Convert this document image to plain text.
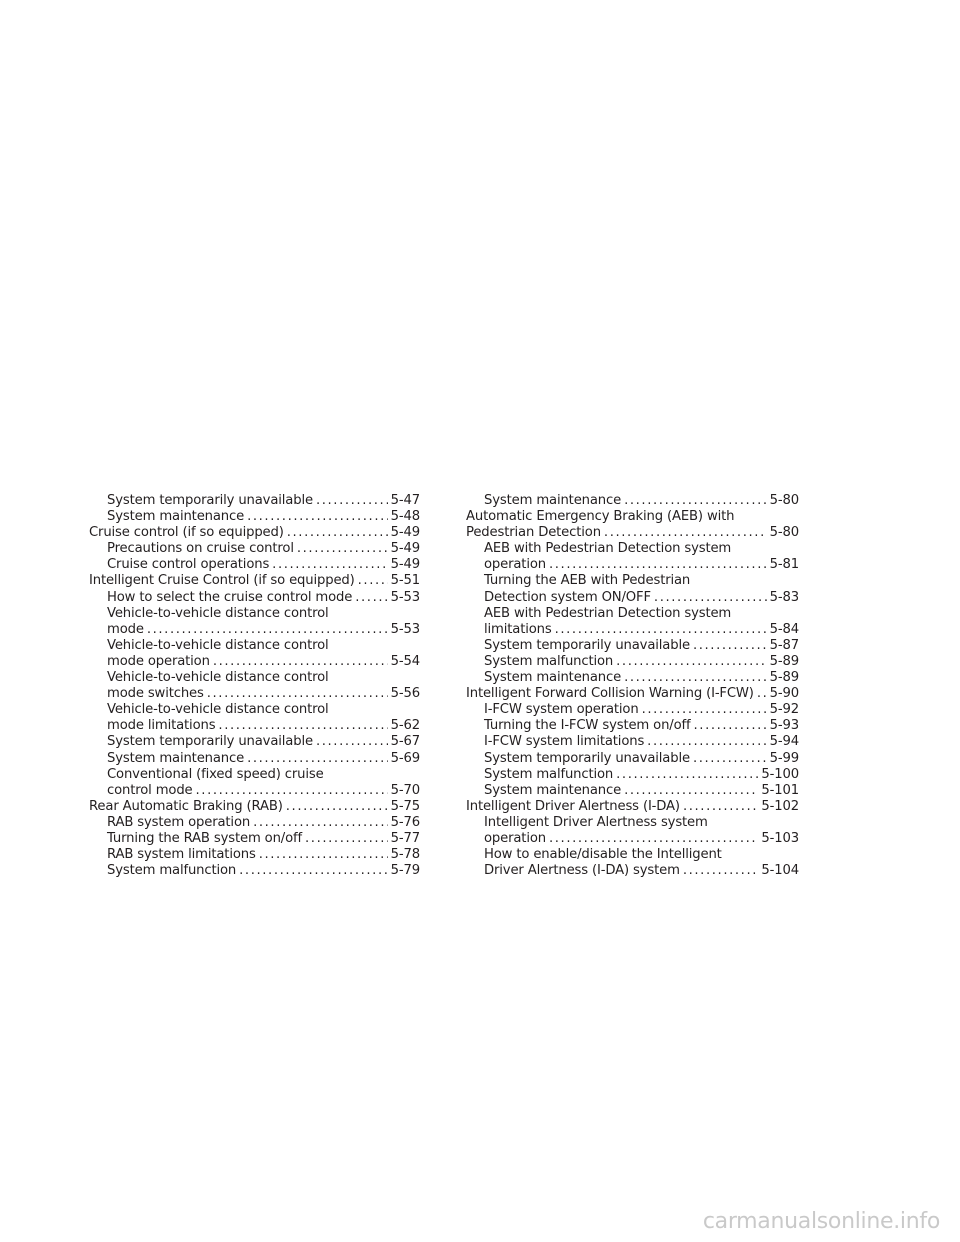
System temporarily unavailable . . .	5-47
System maintenance . . .	5-48
Cruise control (if so equipped) . . .	5-49
Precautions on cruise control . . .	5-49
Cruise control operations . . .	5-49
Intelligent Cruise Control (if so equipped) . . .	5-51
How to select the cruise control mode . . .	5-53
Vehicle-to-vehicle distance control
mode . . .	5-53
Vehicle-to-vehicle distance control
mode operation . . .	5-54
Vehicle-to-vehicle distance control
mode switches . . .	5-56
Vehicle-to-vehicle distance control
mode limitations . . .	5-62
System temporarily unavailable . . .	5-67
System maintenance . . .	5-69
Conventional (fixed speed) cruise
control mode . . .	5-70
Rear Automatic Braking (RAB) . . .	5-75
RAB system operation . . .	5-76
Turning the RAB system on/off . . .	5-77
RAB system limitations . . .	5-78
System malfunction . . .	5-79
System maintenance . . .	5-80
Automatic Emergency Braking (AEB) with
Pedestrian Detection . . .	5-80
AEB with Pedestrian Detection system
operation . . .	5-81
Turning the AEB with Pedestrian
Detection system ON/OFF . . .	5-83
AEB with Pedestrian Detection system
limitations . . .	5-84
System temporarily unavailable . . .	5-87
System malfunction . . .	5-89
System maintenance . . .	5-89
Intelligent Forward Collision Warning (I-FCW) . . . 5-90
I-FCW system operation . . .	5-92
Turning the I-FCW system on/off . . .	5-93
I-FCW system limitations . . .	5-94
System temporarily unavailable . . .	5-99
System malfunction . . .	5-100
System maintenance . . .	5-101
Intelligent Driver Alertness (I-DA) . . .	5-102
Intelligent Driver Alertness system
operation . . .	5-103
How to enable/disable the Intelligent
Driver Alertness (I-DA) system . . .	5-104
carmanualsonline.info
